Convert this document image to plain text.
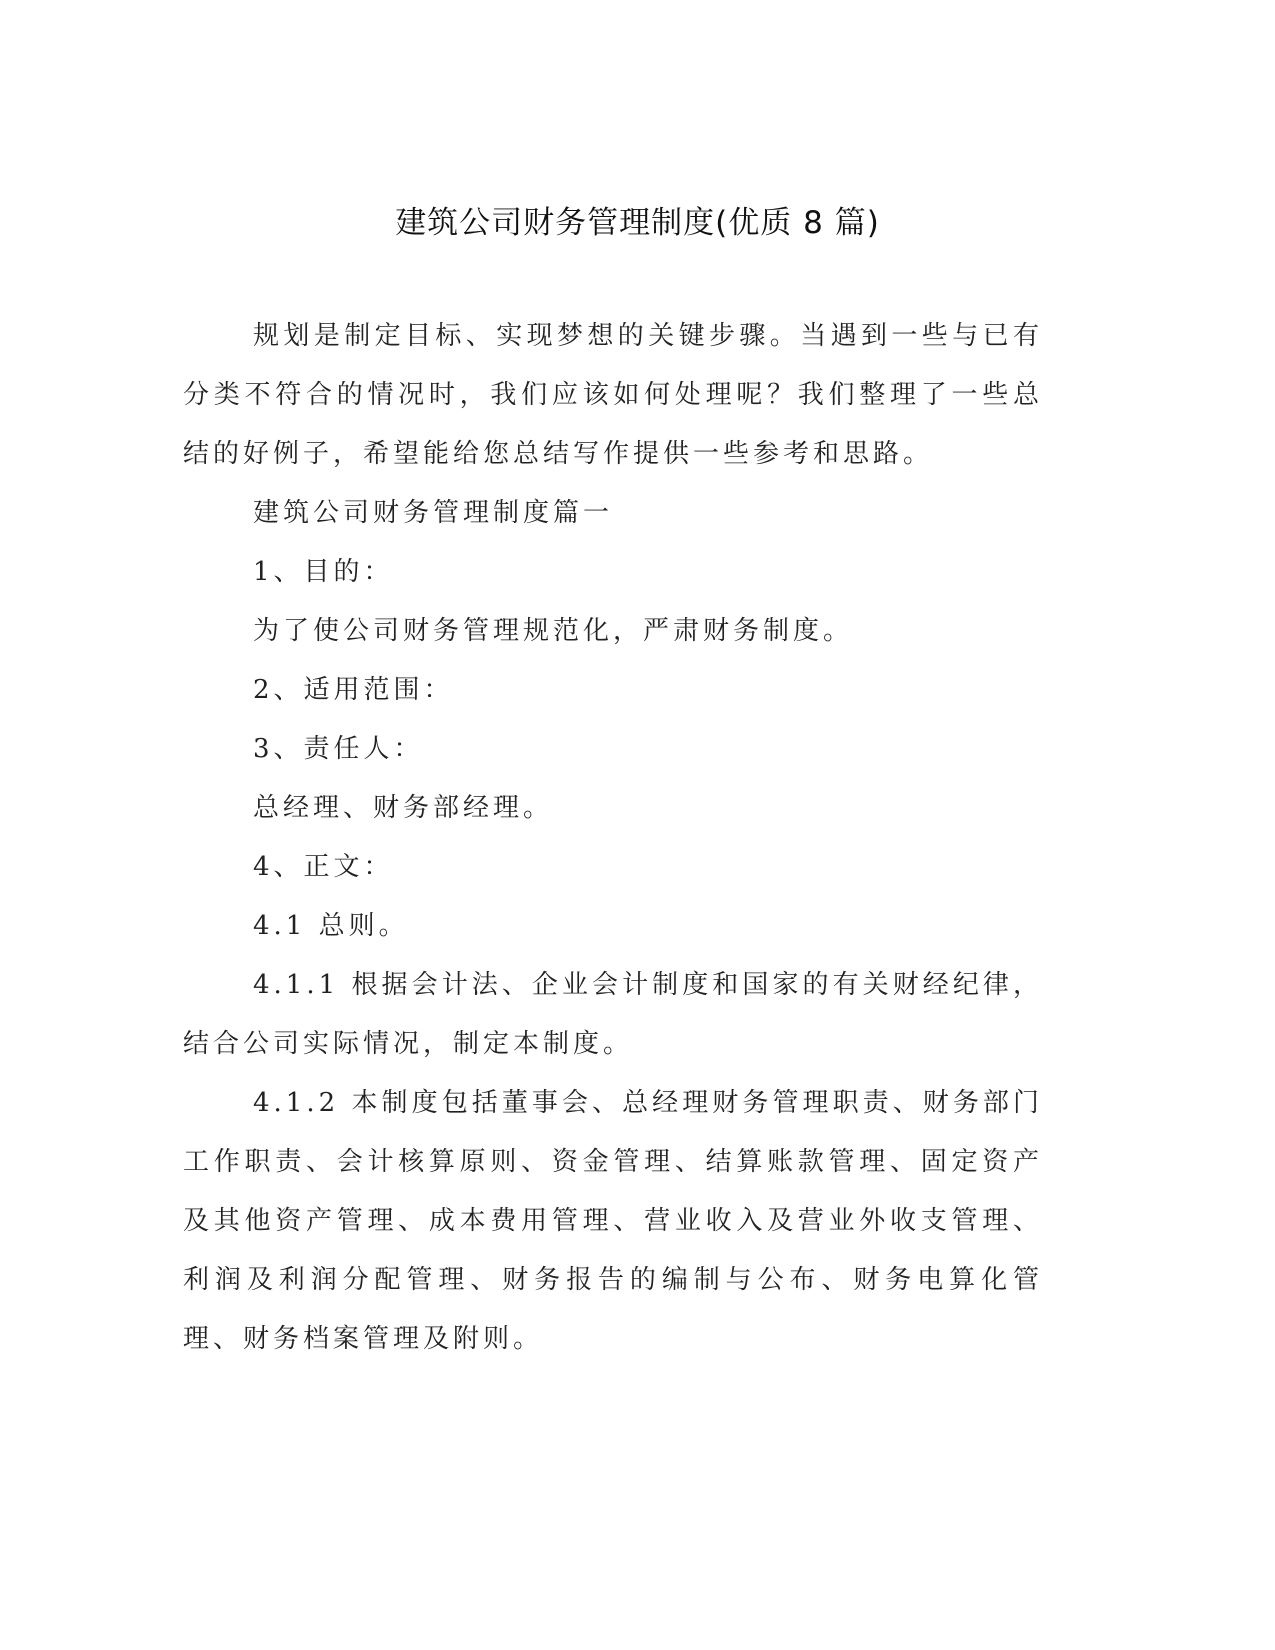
建筑公司财务管理制度(优质 8 篇)

规划是制定目标、实现梦想的关键步骤。当遇到一些与已有分类不符合的情况时，我们应该如何处理呢？我们整理了一些总结的好例子，希望能给您总结写作提供一些参考和思路。

建筑公司财务管理制度篇一

1、目的：

为了使公司财务管理规范化，严肃财务制度。

2、适用范围：

3、责任人：

总经理、财务部经理。

4、正文：

4.1 总则。

4.1.1 根据会计法、企业会计制度和国家的有关财经纪律，结合公司实际情况，制定本制度。

4.1.2 本制度包括董事会、总经理财务管理职责、财务部门工作职责、会计核算原则、资金管理、结算账款管理、固定资产及其他资产管理、成本费用管理、营业收入及营业外收支管理、利润及利润分配管理、财务报告的编制与公布、财务电算化管理、财务档案管理及附则。
